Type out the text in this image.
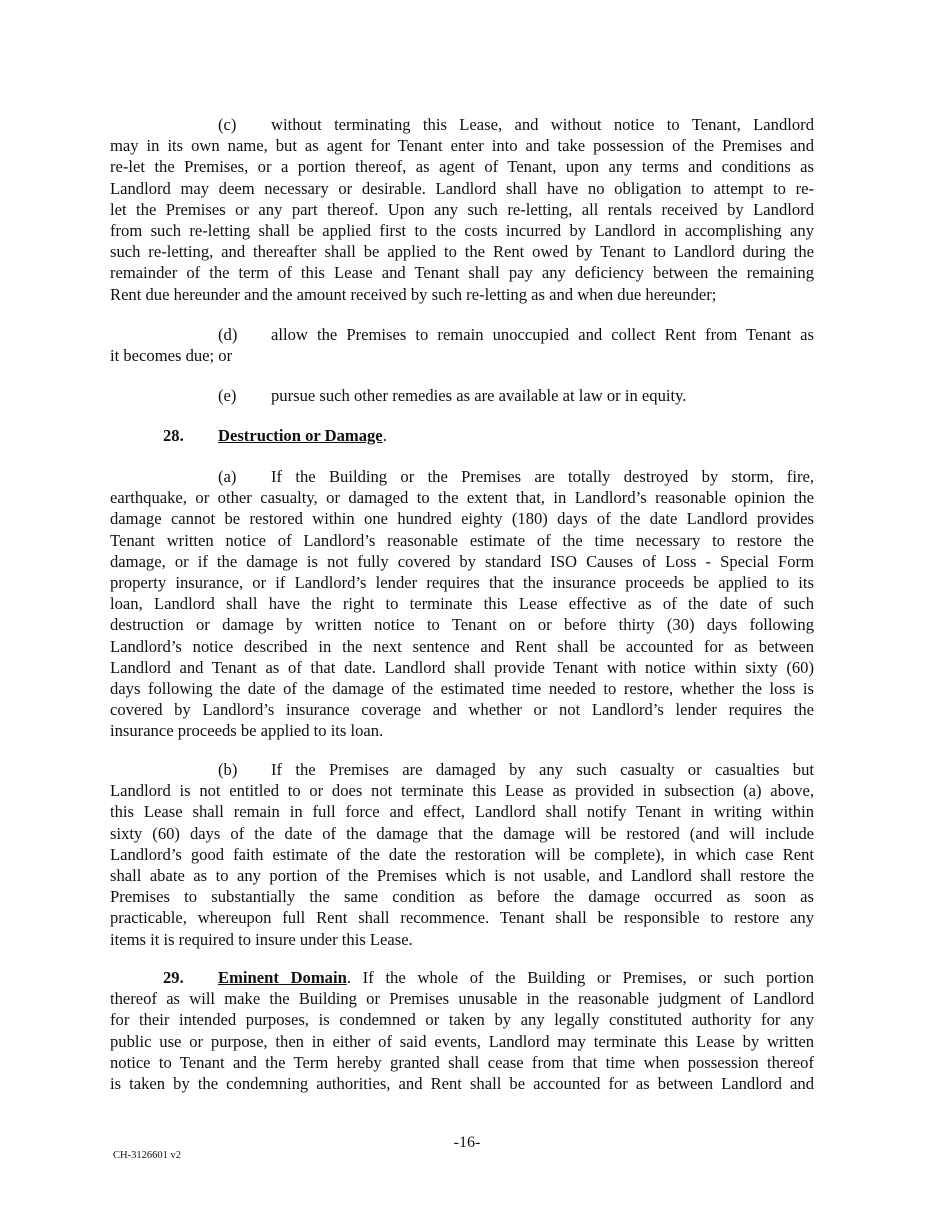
(c) without terminating this Lease, and without notice to Tenant, Landlord
may in its own name, but as agent for Tenant enter into and take possession of the Premises and
re-let the Premises, or a portion thereof, as agent of Tenant, upon any terms and conditions as
Landlord may deem necessary or desirable. Landlord shall have no obligation to attempt to re-
let the Premises or any part thereof. Upon any such re-letting, all rentals received by Landlord
from such re-letting shall be applied first to the costs incurred by Landlord in accomplishing any
such re-letting, and thereafter shall be applied to the Rent owed by Tenant to Landlord during the
remainder of the term of this Lease and Tenant shall pay any deficiency between the remaining
Rent due hereunder and the amount received by such re-letting as and when due hereunder;
(d) allow the Premises to remain unoccupied and collect Rent from Tenant as
it becomes due; or
(e) pursue such other remedies as are available at law or in equity.
28. Destruction or Damage.
(a) If the Building or the Premises are totally destroyed by storm, fire,
earthquake, or other casualty, or damaged to the extent that, in Landlord’s reasonable opinion the
damage cannot be restored within one hundred eighty (180) days of the date Landlord provides
Tenant written notice of Landlord’s reasonable estimate of the time necessary to restore the
damage, or if the damage is not fully covered by standard ISO Causes of Loss - Special Form
property insurance, or if Landlord’s lender requires that the insurance proceeds be applied to its
loan, Landlord shall have the right to terminate this Lease effective as of the date of such
destruction or damage by written notice to Tenant on or before thirty (30) days following
Landlord’s notice described in the next sentence and Rent shall be accounted for as between
Landlord and Tenant as of that date. Landlord shall provide Tenant with notice within sixty (60)
days following the date of the damage of the estimated time needed to restore, whether the loss is
covered by Landlord’s insurance coverage and whether or not Landlord’s lender requires the
insurance proceeds be applied to its loan.
(b) If the Premises are damaged by any such casualty or casualties but
Landlord is not entitled to or does not terminate this Lease as provided in subsection (a) above,
this Lease shall remain in full force and effect, Landlord shall notify Tenant in writing within
sixty (60) days of the date of the damage that the damage will be restored (and will include
Landlord’s good faith estimate of the date the restoration will be complete), in which case Rent
shall abate as to any portion of the Premises which is not usable, and Landlord shall restore the
Premises to substantially the same condition as before the damage occurred as soon as
practicable, whereupon full Rent shall recommence. Tenant shall be responsible to restore any
items it is required to insure under this Lease.
29. Eminent Domain. If the whole of the Building or Premises, or such portion
thereof as will make the Building or Premises unusable in the reasonable judgment of Landlord
for their intended purposes, is condemned or taken by any legally constituted authority for any
public use or purpose, then in either of said events, Landlord may terminate this Lease by written
notice to Tenant and the Term hereby granted shall cease from that time when possession thereof
is taken by the condemning authorities, and Rent shall be accounted for as between Landlord and
-16-
CH-3126601 v2
